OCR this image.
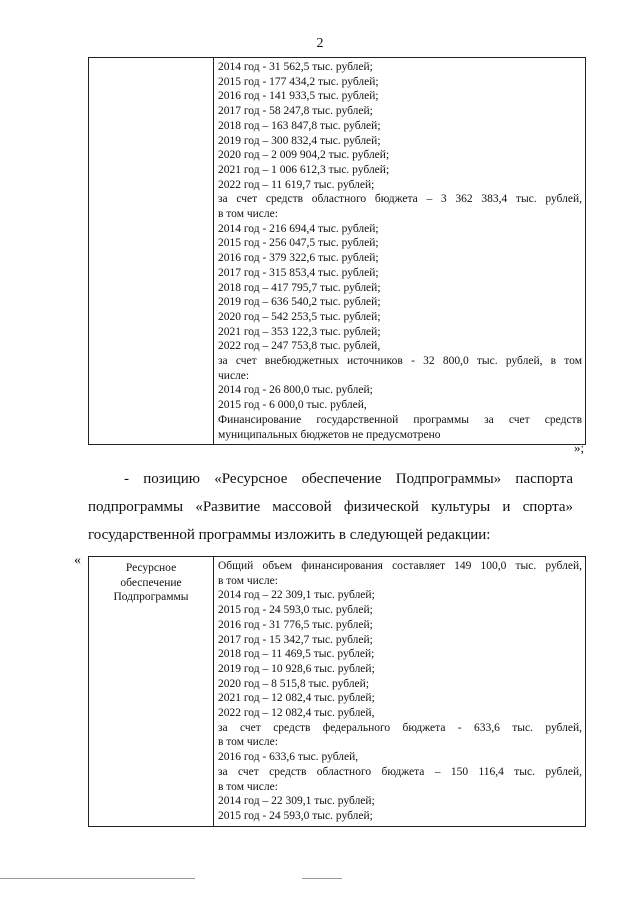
2

2014 год - 31 562,5 тыс. рублей;
2015 год - 177 434,2 тыс. рублей;
2016 год - 141 933,5 тыс. рублей;
2017 год - 58 247,8 тыс. рублей;
2018 год – 163 847,8 тыс. рублей;
2019 год – 300 832,4 тыс. рублей;
2020 год – 2 009 904,2 тыс. рублей;
2021 год – 1 006 612,3 тыс. рублей;
2022 год – 11 619,7 тыс. рублей;
за счет средств областного бюджета – 3 362 383,4 тыс. рублей,
в том числе:
2014 год - 216 694,4 тыс. рублей;
2015 год - 256 047,5 тыс. рублей;
2016 год - 379 322,6 тыс. рублей;
2017 год - 315 853,4 тыс. рублей;
2018 год – 417 795,7 тыс. рублей;
2019 год – 636 540,2 тыс. рублей;
2020 год – 542 253,5 тыс. рублей;
2021 год – 353 122,3 тыс. рублей;
2022 год – 247 753,8 тыс. рублей,
за счет внебюджетных источников - 32 800,0 тыс. рублей, в том
числе:
2014 год - 26 800,0 тыс. рублей;
2015 год - 6 000,0 тыс. рублей,
Финансирование государственной программы за счет средств
муниципальных бюджетов не предусмотрено
»;
- позицию «Ресурсное обеспечение Подпрограммы» паспорта
подпрограммы «Развитие массовой физической культуры и спорта»
государственной программы изложить в следующей редакции:
«	Ресурсное
обеспечение
Подпрограммы

Общий объем финансирования составляет 149 100,0 тыс. рублей,
в том числе:
2014 год – 22 309,1 тыс. рублей;
2015 год - 24 593,0 тыс. рублей;
2016 год - 31 776,5 тыс. рублей;
2017 год - 15 342,7 тыс. рублей;
2018 год – 11 469,5 тыс. рублей;
2019 год – 10 928,6 тыс. рублей;
2020 год – 8 515,8 тыс. рублей;
2021 год – 12 082,4 тыс. рублей;
2022 год – 12 082,4 тыс. рублей,
за счет средств федерального бюджета - 633,6 тыс. рублей,
в том числе:
2016 год - 633,6 тыс. рублей,
за счет средств областного бюджета – 150 116,4 тыс. рублей,
в том числе:
2014 год – 22 309,1 тыс. рублей;
2015 год - 24 593,0 тыс. рублей;
